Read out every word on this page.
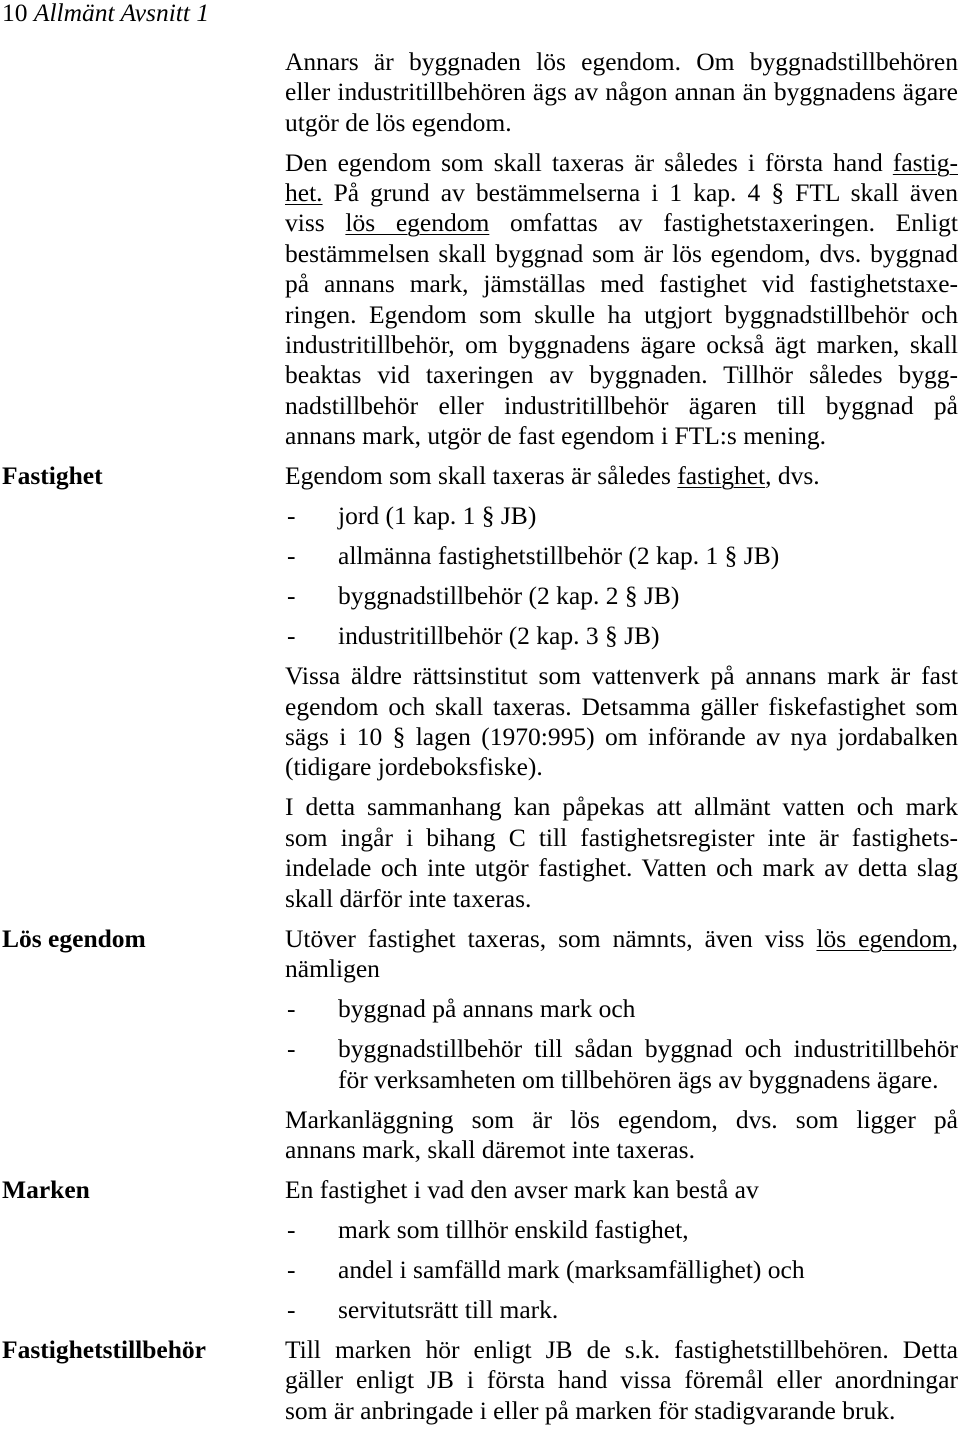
10 Allmänt Avsnitt 1
Annars är byggnaden lös egendom. Om byggnadstillbehören
eller industritillbehören ägs av någon annan än byggnadens ägare
utgör de lös egendom.
Den egendom som skall taxeras är således i första hand fastig-
het. På grund av bestämmelserna i 1 kap. 4 § FTL skall även
viss lös egendom omfattas av fastighetstaxeringen. Enligt
bestämmelsen skall byggnad som är lös egendom, dvs. byggnad
på annans mark, jämställas med fastighet vid fastighetstaxe-
ringen. Egendom som skulle ha utgjort byggnadstillbehör och
industritillbehör, om byggnadens ägare också ägt marken, skall
beaktas vid taxeringen av byggnaden. Tillhör således bygg-
nadstillbehör eller industritillbehör ägaren till byggnad på
annans mark, utgör de fast egendom i FTL:s mening.
Fastighet	Egendom som skall taxeras är således fastighet, dvs.
- jord (1 kap. 1 § JB)
- allmänna fastighetstillbehör (2 kap. 1 § JB)
- byggnadstillbehör (2 kap. 2 § JB)
- industritillbehör (2 kap. 3 § JB)
Vissa äldre rättsinstitut som vattenverk på annans mark är fast
egendom och skall taxeras. Detsamma gäller fiskefastighet som
sägs i 10 § lagen (1970:995) om införande av nya jordabalken
(tidigare jordeboksfiske).
I detta sammanhang kan påpekas att allmänt vatten och mark
som ingår i bihang C till fastighetsregister inte är fastighets-
indelade och inte utgör fastighet. Vatten och mark av detta slag
skall därför inte taxeras.
Lös egendom	Utöver fastighet taxeras, som nämnts, även viss lös egendom,
nämligen
- byggnad på annans mark och
- byggnadstillbehör till sådan byggnad och industritillbehör
för verksamheten om tillbehören ägs av byggnadens ägare.
Markanläggning som är lös egendom, dvs. som ligger på
annans mark, skall däremot inte taxeras.
Marken	En fastighet i vad den avser mark kan bestå av
- mark som tillhör enskild fastighet,
- andel i samfälld mark (marksamfällighet) och
- servitutsrätt till mark.
Fastighetstillbehör	Till marken hör enligt JB de s.k. fastighetstillbehören. Detta
gäller enligt JB i första hand vissa föremål eller anordningar
som är anbringade i eller på marken för stadigvarande bruk.
